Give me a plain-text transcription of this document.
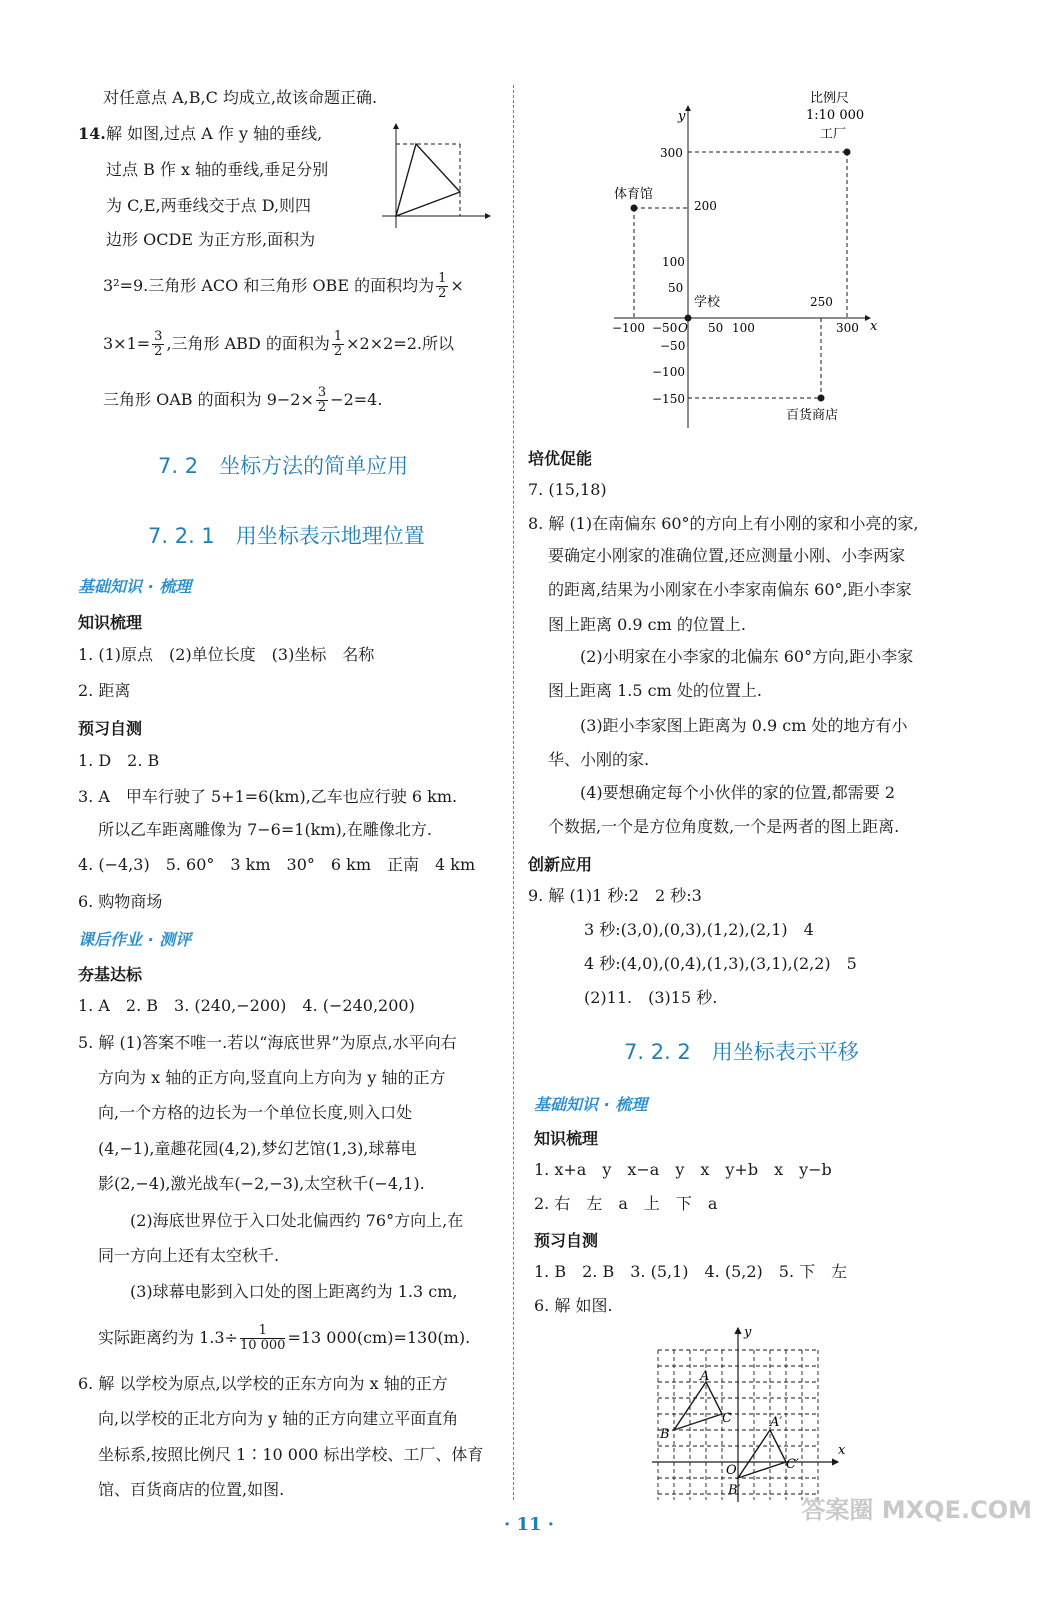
对任意点 A,B,C 均成立,故该命题正确.
14. 解 如图,过点 A 作 y 轴的垂线,
过点 B 作 x 轴的垂线,垂足分别
为 C,E,两垂线交于点 D,则四
边形 OCDE 为正方形,面积为
3²=9.三角形 ACO 和三角形 OBE 的面积均为 $\frac{1}{2}$ ×
$3\times 1= \frac{3}{2}$ ,三角形 ABD 的面积为 $\frac{1}{2} \times 2\times 2=2$.所以
三角形 OAB 的面积为 $9-2\times \frac{3}{2} -2=4$.
7. 2　坐标方法的简单应用
7. 2. 1　用坐标表示地理位置
基础知识 · 梳理
知识梳理
1. (1)原点　(2)单位长度　(3)坐标　名称
2. 距离
预习自测
1. D　2. B
3. A　甲车行驶了 5+1=6(km),乙车也应行驶 6 km.
所以乙车距离雕像为 7−6=1(km),在雕像北方.
4. (−4,3)　5. 60°　3 km　30°　6 km　正南　4 km
6. 购物商场
课后作业 · 测评
夯基达标
1. A　2. B　3. (240,−200)　4. (−240,200)
5. 解 (1)答案不唯一.若以“海底世界”为原点,水平向右
方向为 x 轴的正方向,竖直向上方向为 y 轴的正方
向,一个方格的边长为一个单位长度,则入口处
(4,−1),童趣花园(4,2),梦幻艺馆(1,3),球幕电
影(2,−4),激光战车(−2,−3),太空秋千(−4,1).
(2)海底世界位于入口处北偏西约 76°方向上,在
同一方向上还有太空秋千.
(3)球幕电影到入口处的图上距离约为 1.3 cm,
实际距离约为 $1.3\div \frac{1}{10 000} =13$ 000(cm)=130(m).
6. 解 以学校为原点,以学校的正东方向为 x 轴的正方
向,以学校的正北方向为 y 轴的正方向建立平面直角
坐标系,按照比例尺 1∶10 000 标出学校、工厂、体育
馆、百货商店的位置,如图.
比例尺
1:10 000
工厂
体育馆
学校
百货商店
y
x
O
300
200
100
50
−50
−100
−150
−100 −50	50 100
250
300
培优促能
7. (15,18)
8. 解 (1)在南偏东 60°的方向上有小刚的家和小亮的家,
要确定小刚家的准确位置,还应测量小刚、小李两家
的距离,结果为小刚家在小李家南偏东 60°,距小李家
图上距离 0.9 cm 的位置上.
(2)小明家在小李家的北偏东 60°方向,距小李家
图上距离 1.5 cm 处的位置上.
(3)距小李家图上距离为 0.9 cm 处的地方有小
华、小刚的家.
(4)要想确定每个小伙伴的家的位置,都需要 2
个数据,一个是方位角度数,一个是两者的图上距离.
创新应用
9. 解 (1)1 秒:2　2 秒:3
3 秒:(3,0),(0,3),(1,2),(2,1)　4
4 秒:(4,0),(0,4),(1,3),(3,1),(2,2)　5
(2)11.　(3)15 秒.
7. 2. 2　用坐标表示平移
基础知识 · 梳理
知识梳理
1. x+a　y　x−a　y　x　y+b　x　y−b
2. 右　左　a　上　下　a
预习自测
1. B　2. B　3. (5,1)　4. (5,2)　5. 下　左
6. 解 如图.
y
x
O
A
B
C	A′
B′
C′
· 11 ·
答案圈 MXQE.COM
